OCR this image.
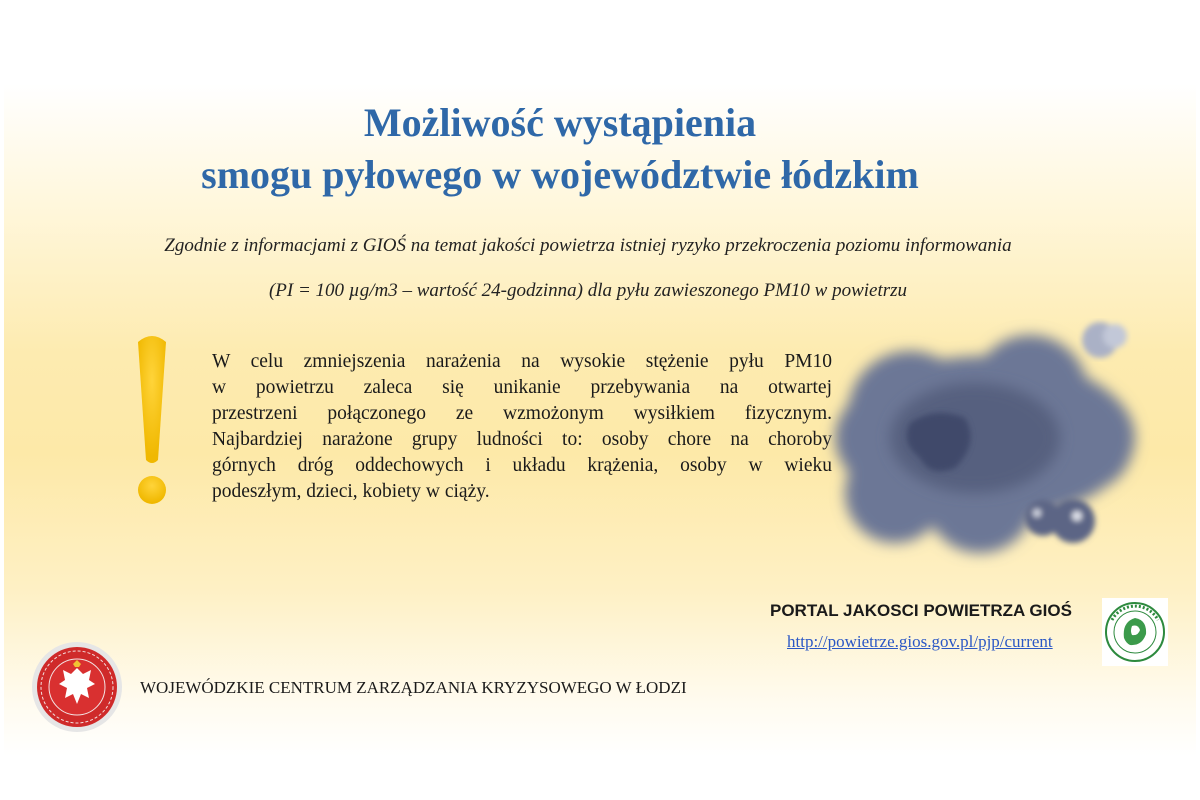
Możliwość wystąpienia
smogu pyłowego w województwie łódzkim
Zgodnie z informacjami z GIOŚ na temat jakości powietrza istniej ryzyko przekroczenia poziomu informowania
(PI = 100 µg/m3 – wartość 24-godzinna) dla pyłu zawieszonego PM10 w powietrzu
W celu zmniejszenia narażenia na wysokie stężenie pyłu PM10
w powietrzu zaleca się unikanie przebywania na otwartej
przestrzeni połączonego ze wzmożonym wysiłkiem fizycznym.
Najbardziej narażone grupy ludności to: osoby chore na choroby
górnych dróg oddechowych i układu krążenia, osoby w wieku
podeszłym, dzieci, kobiety w ciąży.
PORTAL JAKOSCI POWIETRZA GIOŚ
http://powietrze.gios.gov.pl/pjp/current
WOJEWÓDZKIE CENTRUM ZARZĄDZANIA KRYZYSOWEGO W ŁODZI
